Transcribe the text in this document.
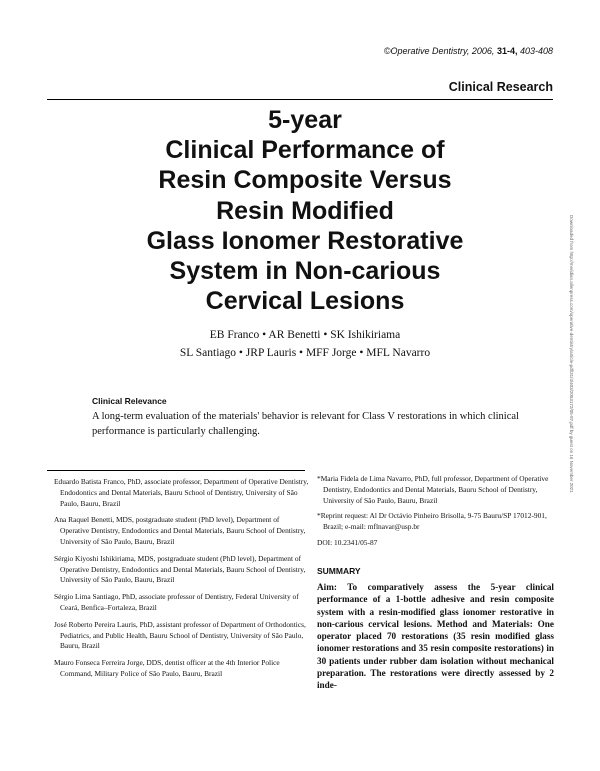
©Operative Dentistry, 2006, 31-4, 403-408
Clinical Research
5-year
Clinical Performance of
Resin Composite Versus
Resin Modified
Glass Ionomer Restorative
System in Non-carious
Cervical Lesions
EB Franco • AR Benetti • SK Ishikiriama
SL Santiago • JRP Lauris • MFF Jorge • MFL Navarro
Clinical Relevance
A long-term evaluation of the materials' behavior is relevant for Class V restorations in which clinical performance is particularly challenging.

Eduardo Batista Franco, PhD, associate professor, Department of Operative Dentistry, Endodontics and Dental Materials, Bauru School of Dentistry, University of São Paulo, Bauru, Brazil

Ana Raquel Benetti, MDS, postgraduate student (PhD level), Department of Operative Dentistry, Endodontics and Dental Materials, Bauru School of Dentistry, University of São Paulo, Bauru, Brazil

Sérgio Kiyoshi Ishikiriama, MDS, postgraduate student (PhD level), Department of Operative Dentistry, Endodontics and Dental Materials, Bauru School of Dentistry, University of São Paulo, Bauru, Brazil

Sérgio Lima Santiago, PhD, associate professor of Dentistry, Federal University of Ceará, Benfica–Fortaleza, Brazil

José Roberto Pereira Lauris, PhD, assistant professor of Department of Orthodontics, Pediatrics, and Public Health, Bauru School of Dentistry, University of São Paulo, Bauru, Brazil

Mauro Fonseca Ferreira Jorge, DDS, dentist officer at the 4th Interior Police Command, Military Police of São Paulo, Bauru, Brazil

*Maria Fidela de Lima Navarro, PhD, full professor, Department of Operative Dentistry, Endodontics and Dental Materials, Bauru School of Dentistry, University of São Paulo, Bauru, Brazil

*Reprint request: Al Dr Octávio Pinheiro Brisolla, 9-75 Bauru/SP 17012-901, Brazil; e-mail: mflnavar@usp.br

DOI: 10.2341/05-87

SUMMARY
Aim: To comparatively assess the 5-year clinical performance of a 1-bottle adhesive and resin composite system with a resin-modified glass ionomer restorative in non-carious cervical lesions. Method and Materials: One operator placed 70 restorations (35 resin modified glass ionomer restorations and 35 resin composite restorations) in 30 patients under rubber dam isolation without mechanical preparation. The restorations were directly assessed by 2 inde-
Downloaded from http://meridian.allenpress.com/operative-dentistry/article-pdf/31/4/403/2053172/05-87.pdf by guest on 16 November 2021
